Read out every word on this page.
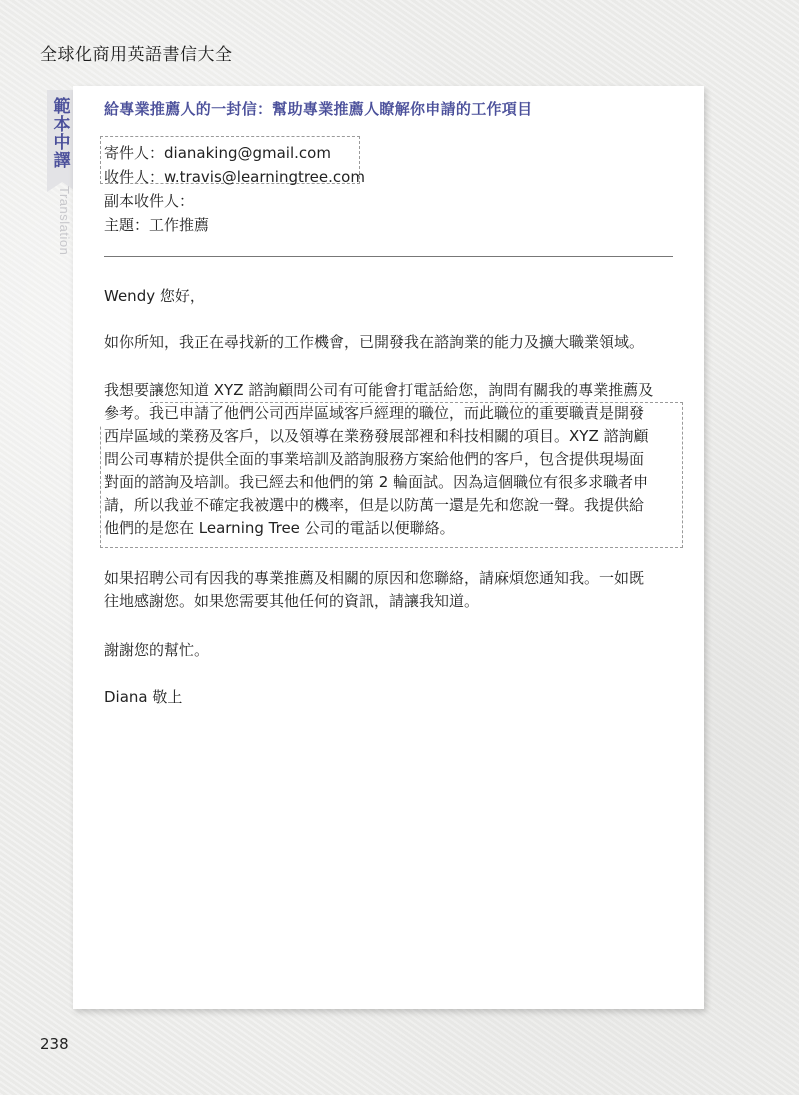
全球化商用英語書信大全
範本中譯
Translation
給專業推薦人的一封信：幫助專業推薦人瞭解你申請的工作項目
寄件人：dianaking@gmail.com
收件人：w.travis@learningtree.com
副本收件人：
主題：工作推薦

Wendy 您好，

如你所知，我正在尋找新的工作機會，已開發我在諮詢業的能力及擴大職業領域。

我想要讓您知道 XYZ 諮詢顧問公司有可能會打電話給您，詢問有關我的專業推薦及
參考。我已申請了他們公司西岸區域客戶經理的職位，而此職位的重要職責是開發
西岸區域的業務及客戶，以及領導在業務發展部裡和科技相關的項目。XYZ 諮詢顧
問公司專精於提供全面的事業培訓及諮詢服務方案給他們的客戶，包含提供現場面
對面的諮詢及培訓。我已經去和他們的第 2 輪面試。因為這個職位有很多求職者申
請，所以我並不確定我被選中的機率，但是以防萬一還是先和您說一聲。我提供給
他們的是您在 Learning Tree 公司的電話以便聯絡。

如果招聘公司有因我的專業推薦及相關的原因和您聯絡，請麻煩您通知我。一如既
往地感謝您。如果您需要其他任何的資訊，請讓我知道。

謝謝您的幫忙。

Diana 敬上

238
